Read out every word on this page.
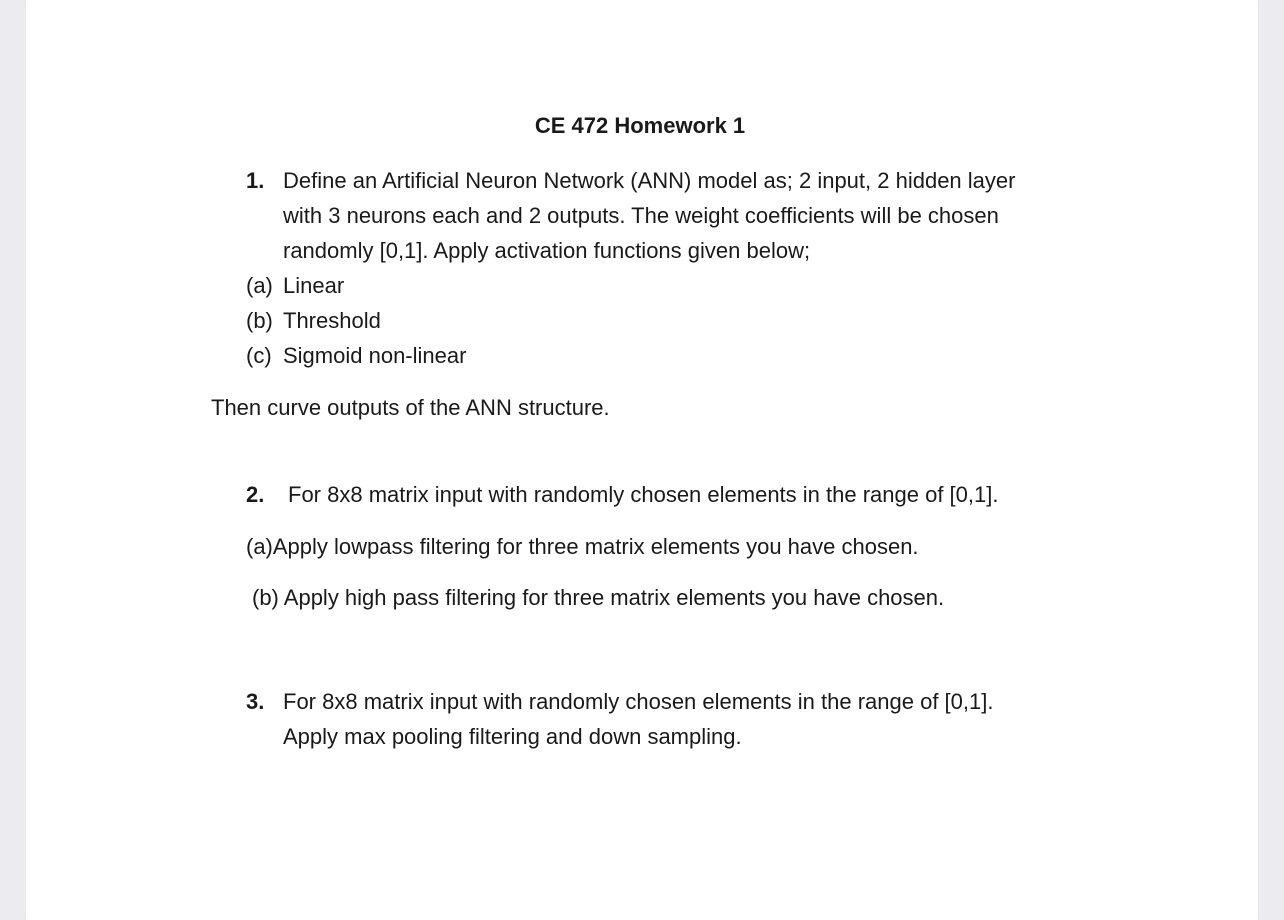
CE 472 Homework 1
1. Define an Artificial Neuron Network (ANN) model as; 2 input, 2 hidden layer
with 3 neurons each and 2 outputs. The weight coefficients will be chosen
randomly [0,1]. Apply activation functions given below;
(a) Linear
(b) Threshold
(c) Sigmoid non-linear
Then curve outputs of the ANN structure.
2. For 8x8 matrix input with randomly chosen elements in the range of [0,1].
(a)Apply lowpass filtering for three matrix elements you have chosen.
(b) Apply high pass filtering for three matrix elements you have chosen.
3. For 8x8 matrix input with randomly chosen elements in the range of [0,1].
Apply max pooling filtering and down sampling.
